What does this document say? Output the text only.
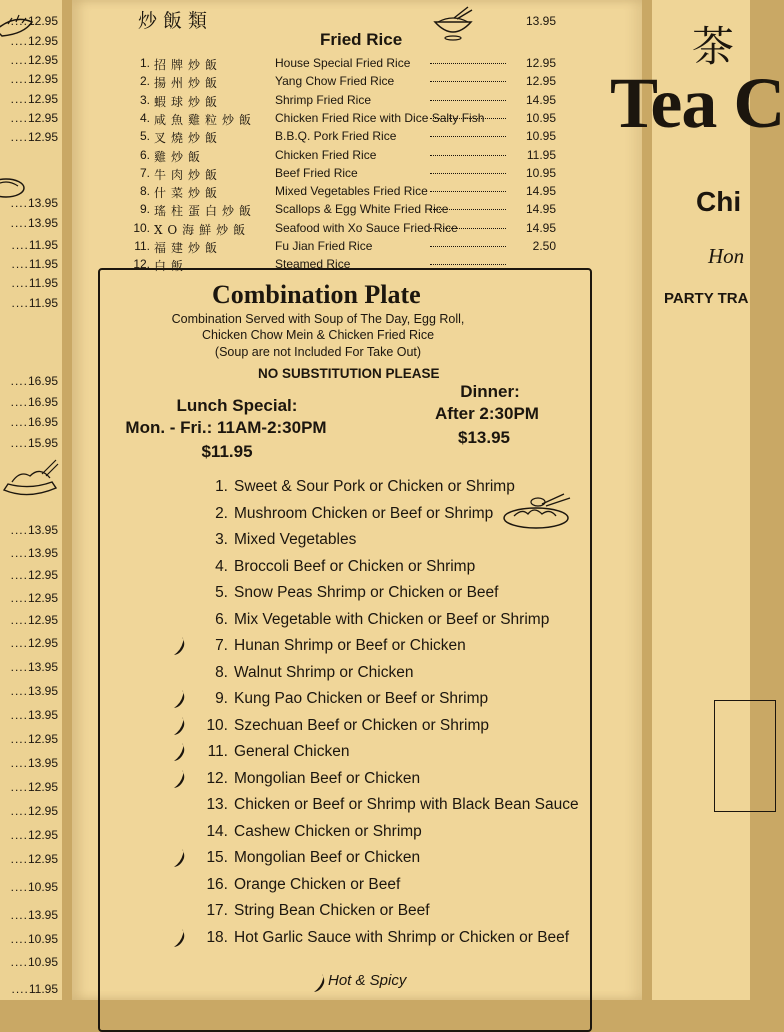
....12.95
....12.95
....12.95
....12.95
....12.95
....12.95
....12.95
....13.95
....13.95
....11.95
....11.95
....11.95
....11.95
....16.95
....16.95
....16.95
....15.95
....13.95
....13.95
....12.95
....12.95
....12.95
....12.95
....13.95
....13.95
....13.95
....12.95
....13.95
....12.95
....12.95
....12.95
....12.95
....10.95
....13.95
....10.95
....10.95
....11.95
炒飯類
Fried Rice
13.95
1. 招牌炒飯	House Special Fried Rice	12.95
2. 揚州炒飯	Yang Chow Fried Rice	12.95
3. 蝦球炒飯	Shrimp Fried Rice	14.95
4. 咸魚雞粒炒飯	Chicken Fried Rice with Dice Salty Fish	10.95
5. 叉燒炒飯	B.B.Q. Pork Fried Rice	10.95
6. 雞炒飯	Chicken Fried Rice	11.95
7. 牛肉炒飯	Beef Fried Rice	10.95
8. 什菜炒飯	Mixed Vegetables Fried Rice	14.95
9. 瑤柱蛋白炒飯	Scallops & Egg White Fried Rice	14.95
10. XO海鮮炒飯	Seafood with Xo Sauce Fried Rice	14.95
11. 福建炒飯	Fu Jian Fried Rice	2.50
12. 白飯	Steamed Rice
Combination Plate
Combination Served with Soup of The Day, Egg Roll,
Chicken Chow Mein & Chicken Fried Rice
(Soup are not Included For Take Out)
NO SUBSTITUTION PLEASE
Lunch Special:
Mon. - Fri.: 11AM-2:30PM
$11.95
Dinner:
After 2:30PM
$13.95
1. Sweet & Sour Pork or Chicken or Shrimp
2. Mushroom Chicken or Beef or Shrimp
3. Mixed Vegetables
4. Broccoli Beef or Chicken or Shrimp
5. Snow Peas Shrimp or Chicken or Beef
6. Mix Vegetable with Chicken or Beef or Shrimp
7. Hunan Shrimp or Beef or Chicken
8. Walnut Shrimp or Chicken
9. Kung Pao Chicken or Beef or Shrimp
10. Szechuan Beef or Chicken or Shrimp
11. General Chicken
12. Mongolian Beef or Chicken
13. Chicken or Beef or Shrimp with Black Bean Sauce
14. Cashew Chicken or Shrimp
15. Mongolian Beef or Chicken
16. Orange Chicken or Beef
17. String Bean Chicken or Beef
18. Hot Garlic Sauce with Shrimp or Chicken or Beef
Hot & Spicy
茶
Tea C
Chi
Hon
PARTY TRA
